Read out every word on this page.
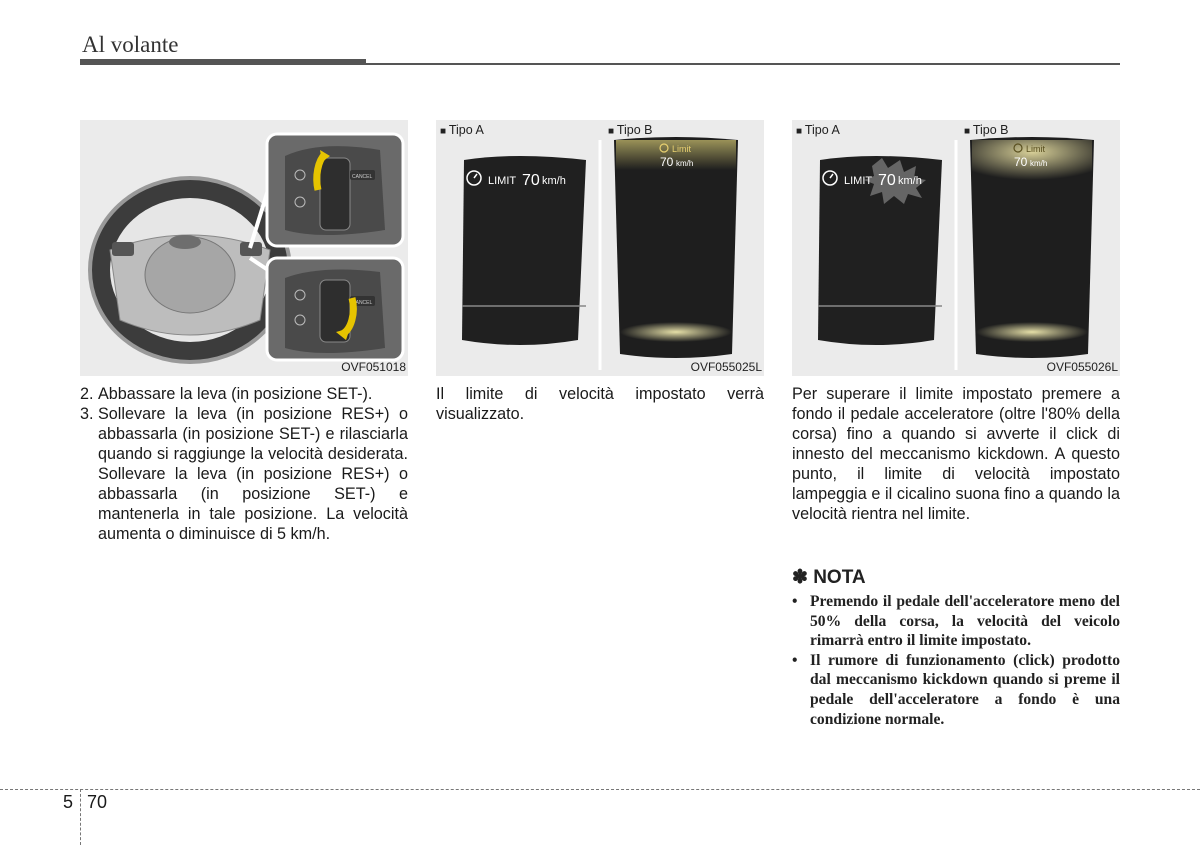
Al volante
CANCEL
CANCEL
OVF051018
■ Tipo A	■ Tipo B
LIMIT 70 km/h
Limit
70 km/h
OVF055025L
■ Tipo A	■ Tipo B
LIMIT 70 km/h
Limit
70 km/h
OVF055026L
2. Abbassare la leva (in posizione SET-).
3. Sollevare la leva (in posizione RES+) o abbassarla (in posizione SET-) e rilasciarla quando si raggiunge la velocità desiderata. Sollevare la leva (in posizione RES+) o abbassarla (in posizione SET-) e mantenerla in tale posizione. La velocità aumenta o diminuisce di 5 km/h.
Il limite di velocità impostato verrà visualizzato.
Per superare il limite impostato premere a fondo il pedale acceleratore (oltre l'80% della corsa) fino a quando si avverte il click di innesto del meccanismo kickdown. A questo punto, il limite di velocità impostato lampeggia e il cicalino suona fino a quando la velocità rientra nel limite.
✽ NOTA
• Premendo il pedale dell'acceleratore meno del 50% della corsa, la velocità del veicolo rimarrà entro il limite impostato.
• Il rumore di funzionamento (click) prodotto dal meccanismo kickdown quando si preme il pedale dell'acceleratore a fondo è una condizione normale.
5 70
